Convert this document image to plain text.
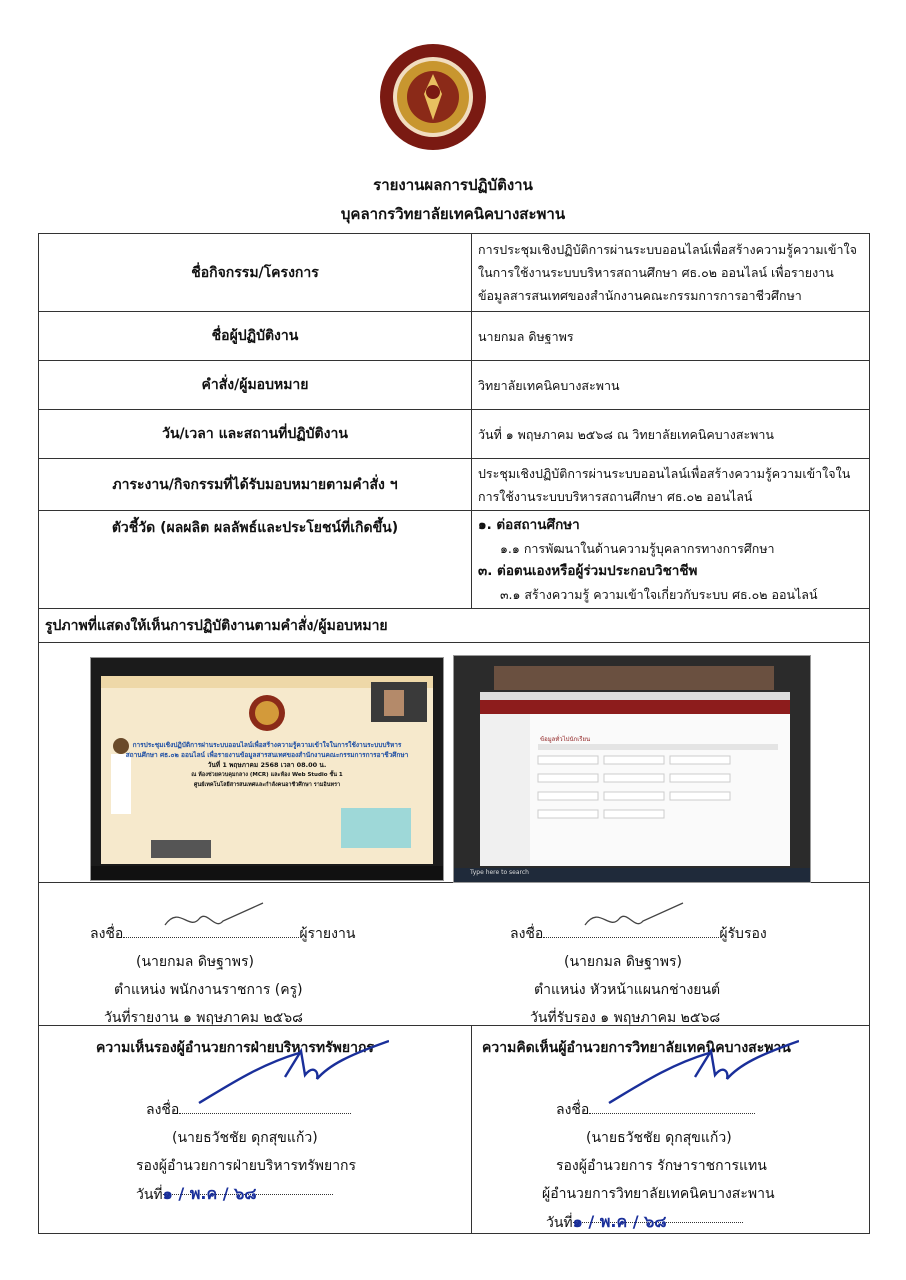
รายงานผลการปฏิบัติงาน
บุคลากรวิทยาลัยเทคนิคบางสะพาน
ชื่อกิจกรรม/โครงการ	การประชุมเชิงปฏิบัติการผ่านระบบออนไลน์เพื่อสร้างความรู้ความเข้าใจ
ในการใช้งานระบบบริหารสถานศึกษา ศธ.๐๒ ออนไลน์ เพื่อรายงาน
ข้อมูลสารสนเทศของสำนักงานคณะกรรมการการอาชีวศึกษา

ชื่อผู้ปฏิบัติงาน	นายกมล ดิษฐาพร
คำสั่ง/ผู้มอบหมาย	วิทยาลัยเทคนิคบางสะพาน
วัน/เวลา และสถานที่ปฏิบัติงาน	วันที่ ๑ พฤษภาคม ๒๕๖๘ ณ วิทยาลัยเทคนิคบางสะพาน
ภาระงาน/กิจกรรมที่ได้รับมอบหมายตามคำสั่ง ฯ	ประชุมเชิงปฏิบัติการผ่านระบบออนไลน์เพื่อสร้างความรู้ความเข้าใจใน
การใช้งานระบบบริหารสถานศึกษา ศธ.๐๒ ออนไลน์

ตัวชี้วัด (ผลผลิต ผลลัพธ์และประโยชน์ที่เกิดขึ้น)	๑. ต่อสถานศึกษา
๑.๑ การพัฒนาในด้านความรู้บุคลากรทางการศึกษา
๓. ต่อตนเองหรือผู้ร่วมประกอบวิชาชีพ
๓.๑ สร้างความรู้ ความเข้าใจเกี่ยวกับระบบ ศธ.๐๒ ออนไลน์

รูปภาพที่แสดงให้เห็นการปฏิบัติงานตามคำสั่ง/ผู้มอบหมาย	

การประชุมเชิงปฏิบัติการผ่านระบบออนไลน์เพื่อสร้างความรู้ความเข้าใจในการใช้งานระบบบริหาร
สถานศึกษา ศธ.๐๒ ออนไลน์ เพื่อรายงานข้อมูลสารสนเทศของสำนักงานคณะกรรมการการอาชีวศึกษา
วันที่ 1 พฤษภาคม 2568 เวลา 08.00 น.
ณ ห้องช่วยควบคุมกลาง (MCR) และห้อง Web Studio ชั้น 1
ศูนย์เทคโนโลยีสารสนเทศและกำลังคนอาชีวศึกษา รามอินทรา
ข้อมูลทั่วไปนักเรียน
Type here to search
ลงชื่อ	ผู้รายงาน
(นายกมล ดิษฐาพร)
ตำแหน่ง พนักงานราชการ (ครู)
วันที่รายงาน ๑ พฤษภาคม ๒๕๖๘
ลงชื่อ	ผู้รับรอง
(นายกมล ดิษฐาพร)
ตำแหน่ง หัวหน้าแผนกช่างยนต์
วันที่รับรอง ๑ พฤษภาคม ๒๕๖๘
ความเห็นรองผู้อำนวยการฝ่ายบริหารทรัพยากร
ลงชื่อ
(นายธวัชชัย ดุกสุขแก้ว)
รองผู้อำนวยการฝ่ายบริหารทรัพยากร
วันที่๑ / พ.ค / ๖๘
ความคิดเห็นผู้อำนวยการวิทยาลัยเทคนิคบางสะพาน
ลงชื่อ
(นายธวัชชัย ดุกสุขแก้ว)
รองผู้อำนวยการ รักษาราชการแทน
ผู้อำนวยการวิทยาลัยเทคนิคบางสะพาน
วันที่๑ / พ.ค / ๖๘
